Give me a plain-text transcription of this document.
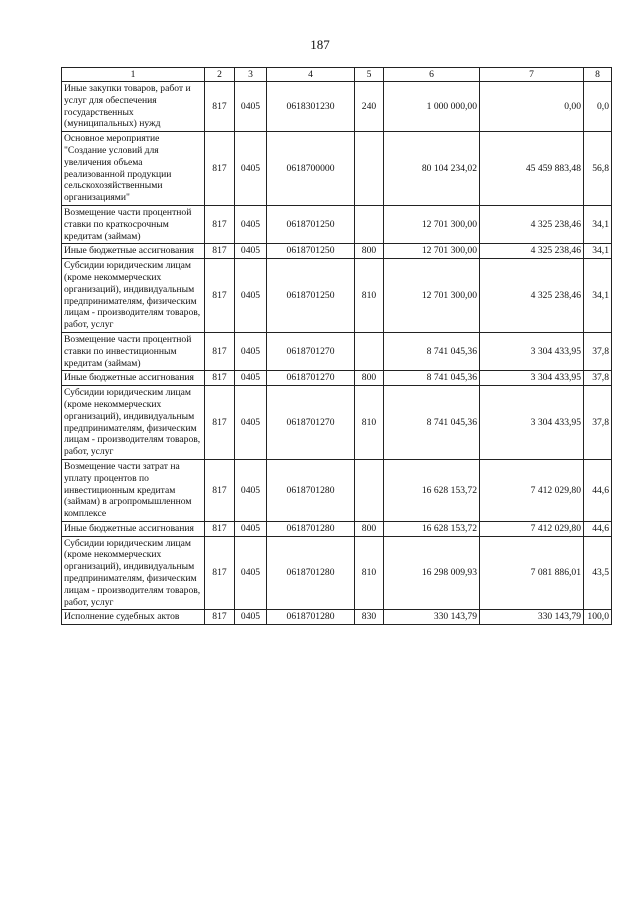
187
1	2	3	4	5	6	7	8
Иные закупки товаров, работ и услуг для обеспечения государственных (муниципальных) нужд	817	0405	0618301230	240	1 000 000,00	0,00	0,0
Основное мероприятие "Создание условий для увеличения объема реализованной продукции сельскохозяйственными организациями"	817	0405	0618700000		80 104 234,02	45 459 883,48	56,8
Возмещение части процентной ставки по краткосрочным кредитам (займам)	817	0405	0618701250		12 701 300,00	4 325 238,46	34,1
Иные бюджетные ассигнования	817	0405	0618701250	800	12 701 300,00	4 325 238,46	34,1
Субсидии юридическим лицам (кроме некоммерческих организаций), индивидуальным предпринимателям, физическим лицам - производителям товаров, работ, услуг	817	0405	0618701250	810	12 701 300,00	4 325 238,46	34,1
Возмещение части процентной ставки по инвестиционным кредитам (займам)	817	0405	0618701270		8 741 045,36	3 304 433,95	37,8
Иные бюджетные ассигнования	817	0405	0618701270	800	8 741 045,36	3 304 433,95	37,8
Субсидии юридическим лицам (кроме некоммерческих организаций), индивидуальным предпринимателям, физическим лицам - производителям товаров, работ, услуг	817	0405	0618701270	810	8 741 045,36	3 304 433,95	37,8
Возмещение части затрат на уплату процентов по инвестиционным кредитам (займам) в агропромышленном комплексе	817	0405	0618701280		16 628 153,72	7 412 029,80	44,6
Иные бюджетные ассигнования	817	0405	0618701280	800	16 628 153,72	7 412 029,80	44,6
Субсидии юридическим лицам (кроме некоммерческих организаций), индивидуальным предпринимателям, физическим лицам - производителям товаров, работ, услуг	817	0405	0618701280	810	16 298 009,93	7 081 886,01	43,5
Исполнение судебных актов	817	0405	0618701280	830	330 143,79	330 143,79	100,0
